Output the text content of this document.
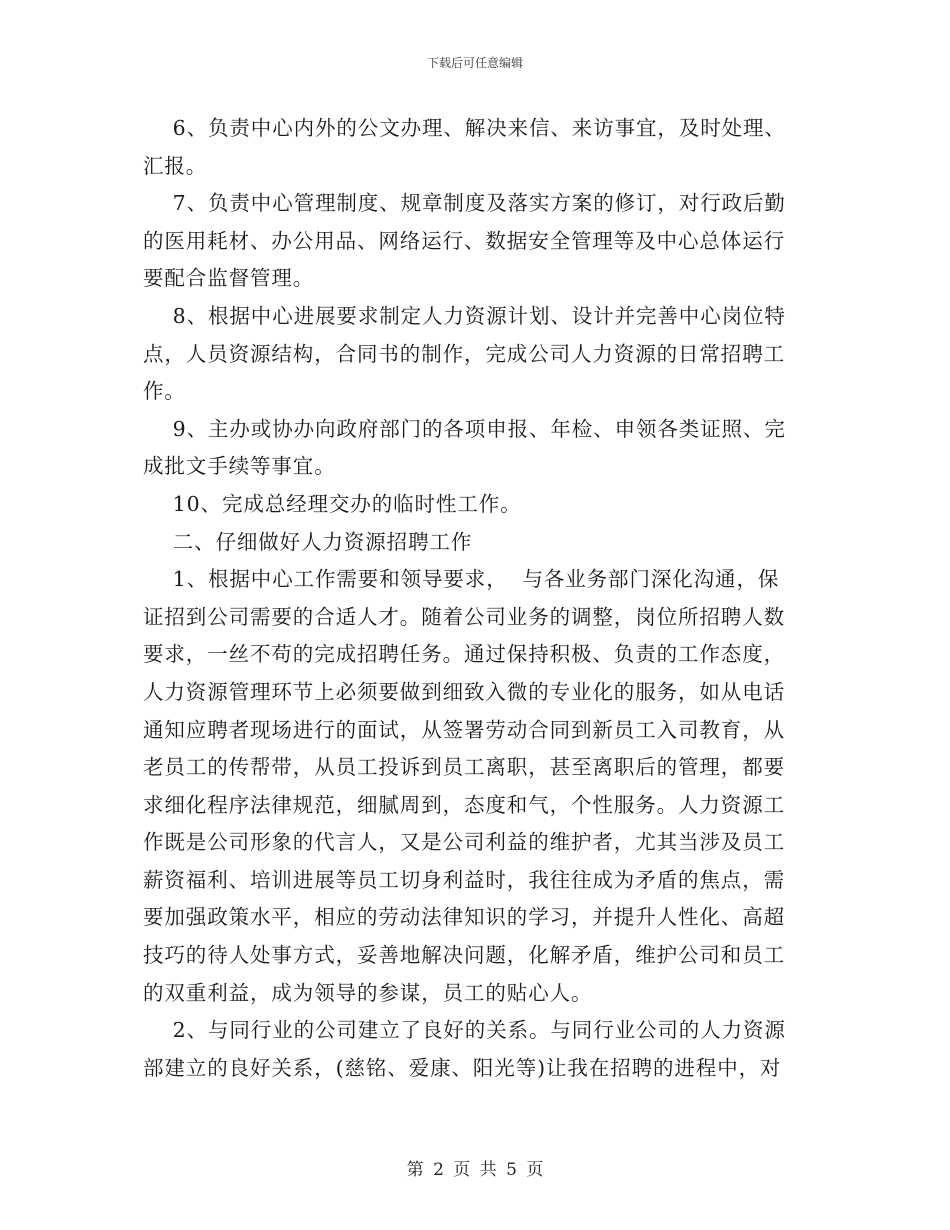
下载后可任意编辑
6、负责中心内外的公文办理、解决来信、来访事宜，及时处理、
汇报。
7、负责中心管理制度、规章制度及落实方案的修订，对行政后勤
的医用耗材、办公用品、网络运行、数据安全管理等及中心总体运行
要配合监督管理。
8、根据中心进展要求制定人力资源计划、设计并完善中心岗位特
点，人员资源结构，合同书的制作，完成公司人力资源的日常招聘工
作。
9、主办或协办向政府部门的各项申报、年检、申领各类证照、完
成批文手续等事宜。
10、完成总经理交办的临时性工作。
二、仔细做好人力资源招聘工作
1、根据中心工作需要和领导要求，  与各业务部门深化沟通，保
证招到公司需要的合适人才。随着公司业务的调整，岗位所招聘人数
要求，一丝不苟的完成招聘任务。通过保持积极、负责的工作态度，
人力资源管理环节上必须要做到细致入微的专业化的服务，如从电话
通知应聘者现场进行的面试，从签署劳动合同到新员工入司教育，从
老员工的传帮带，从员工投诉到员工离职，甚至离职后的管理，都要
求细化程序法律规范，细腻周到，态度和气，个性服务。人力资源工
作既是公司形象的代言人，又是公司利益的维护者，尤其当涉及员工
薪资福利、培训进展等员工切身利益时，我往往成为矛盾的焦点，需
要加强政策水平，相应的劳动法律知识的学习，并提升人性化、高超
技巧的待人处事方式，妥善地解决问题，化解矛盾，维护公司和员工
的双重利益，成为领导的参谋，员工的贴心人。
2、与同行业的公司建立了良好的关系。与同行业公司的人力资源
部建立的良好关系，(慈铭、爱康、阳光等)让我在招聘的进程中，对
第 2 页 共 5 页
